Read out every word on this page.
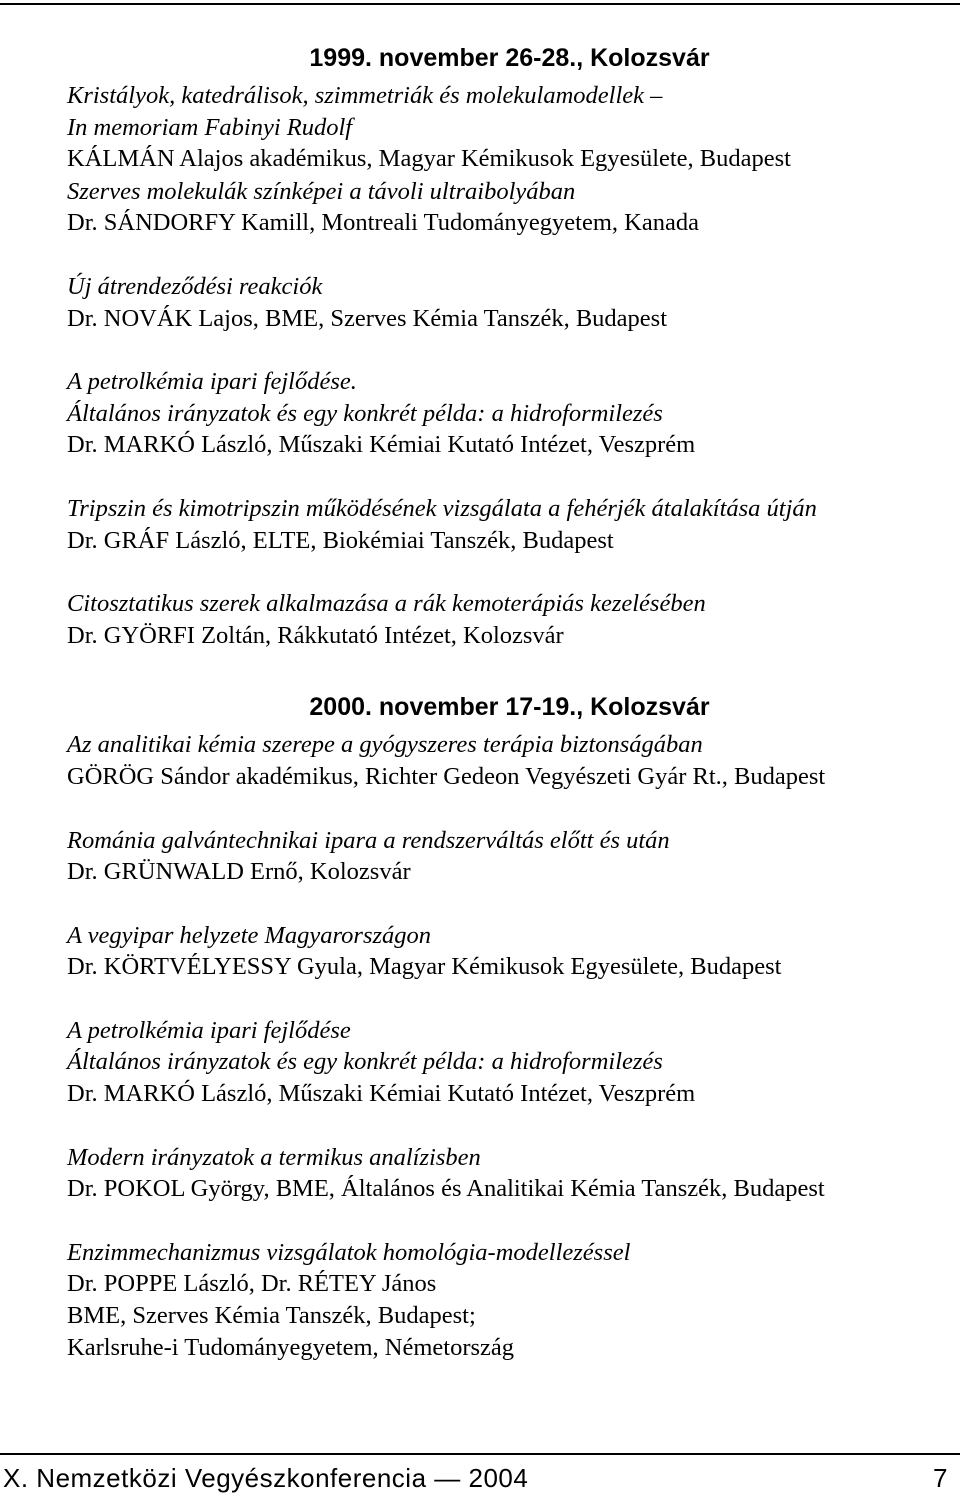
1999. november 26-28., Kolozsvár
Kristályok, katedrálisok, szimmetriák és molekulamodellek –
In memoriam Fabinyi Rudolf
KÁLMÁN Alajos akadémikus, Magyar Kémikusok Egyesülete, Budapest
Szerves molekulák színképei a távoli ultraibolyában
Dr. SÁNDORFY Kamill, Montreali Tudományegyetem, Kanada
Új átrendeződési reakciók
Dr. NOVÁK Lajos, BME, Szerves Kémia Tanszék, Budapest
A petrolkémia ipari fejlődése.
Általános irányzatok és egy konkrét példa: a hidroformilezés
Dr. MARKÓ László, Műszaki Kémiai Kutató Intézet, Veszprém
Tripszin és kimotripszin működésének vizsgálata a fehérjék átalakítása útján
Dr. GRÁF László, ELTE, Biokémiai Tanszék, Budapest
Citosztatikus szerek alkalmazása a rák kemoterápiás kezelésében
Dr. GYÖRFI Zoltán, Rákkutató Intézet, Kolozsvár
2000. november 17-19., Kolozsvár
Az analitikai kémia szerepe a gyógyszeres terápia biztonságában
GÖRÖG Sándor akadémikus, Richter Gedeon Vegyészeti Gyár Rt., Budapest
Románia galvántechnikai ipara a rendszerváltás előtt és után
Dr. GRÜNWALD Ernő, Kolozsvár
A vegyipar helyzete Magyarországon
Dr. KÖRTVÉLYESSY Gyula, Magyar Kémikusok Egyesülete, Budapest
A petrolkémia ipari fejlődése
Általános irányzatok és egy konkrét példa: a hidroformilezés
Dr. MARKÓ László, Műszaki Kémiai Kutató Intézet, Veszprém
Modern irányzatok a termikus analízisben
Dr. POKOL György, BME, Általános és Analitikai Kémia Tanszék, Budapest
Enzimmechanizmus vizsgálatok homológia-modellezéssel
Dr. POPPE László, Dr. RÉTEY János
BME, Szerves Kémia Tanszék, Budapest;
Karlsruhe-i Tudományegyetem, Németország
X. Nemzetközi Vegyészkonferencia — 2004	7
